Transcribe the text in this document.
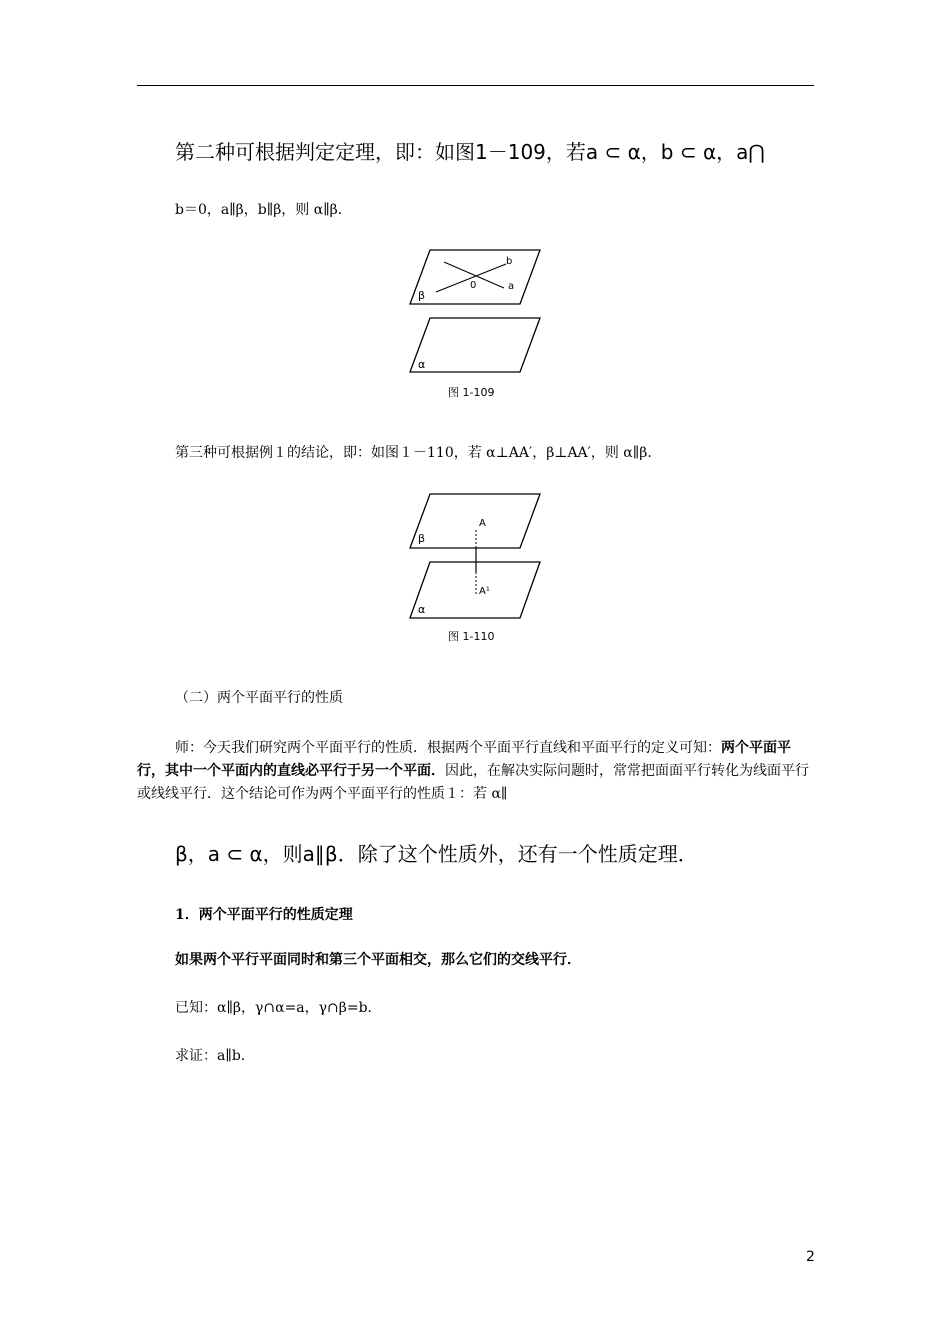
第二种可根据判定定理，即：如图1－109，若a ⊂ α，b ⊂ α，a⋂
b＝0，a∥β，b∥β，则 α∥β．
b
a
0
β
α
图 1-109
第三种可根据例１的结论，即：如图１－110，若 α⊥AA′，β⊥AA′，则 α∥β．
A
β
A¹
α
图 1-110
（二）两个平面平行的性质

师：今天我们研究两个平面平行的性质．根据两个平面平行直线和平面平行的定义可知：两个平面平行，其中一个平面内的直线必平行于另一个平面．因此，在解决实际问题时，常常把面面平行转化为线面平行或线线平行．这个结论可作为两个平面平行的性质１：若 α∥

β，a ⊂ α，则a∥β．除了这个性质外，还有一个性质定理．
1．两个平面平行的性质定理
如果两个平行平面同时和第三个平面相交，那么它们的交线平行．
已知：α∥β，γ∩α=a，γ∩β=b．
求证：a∥b．
2
